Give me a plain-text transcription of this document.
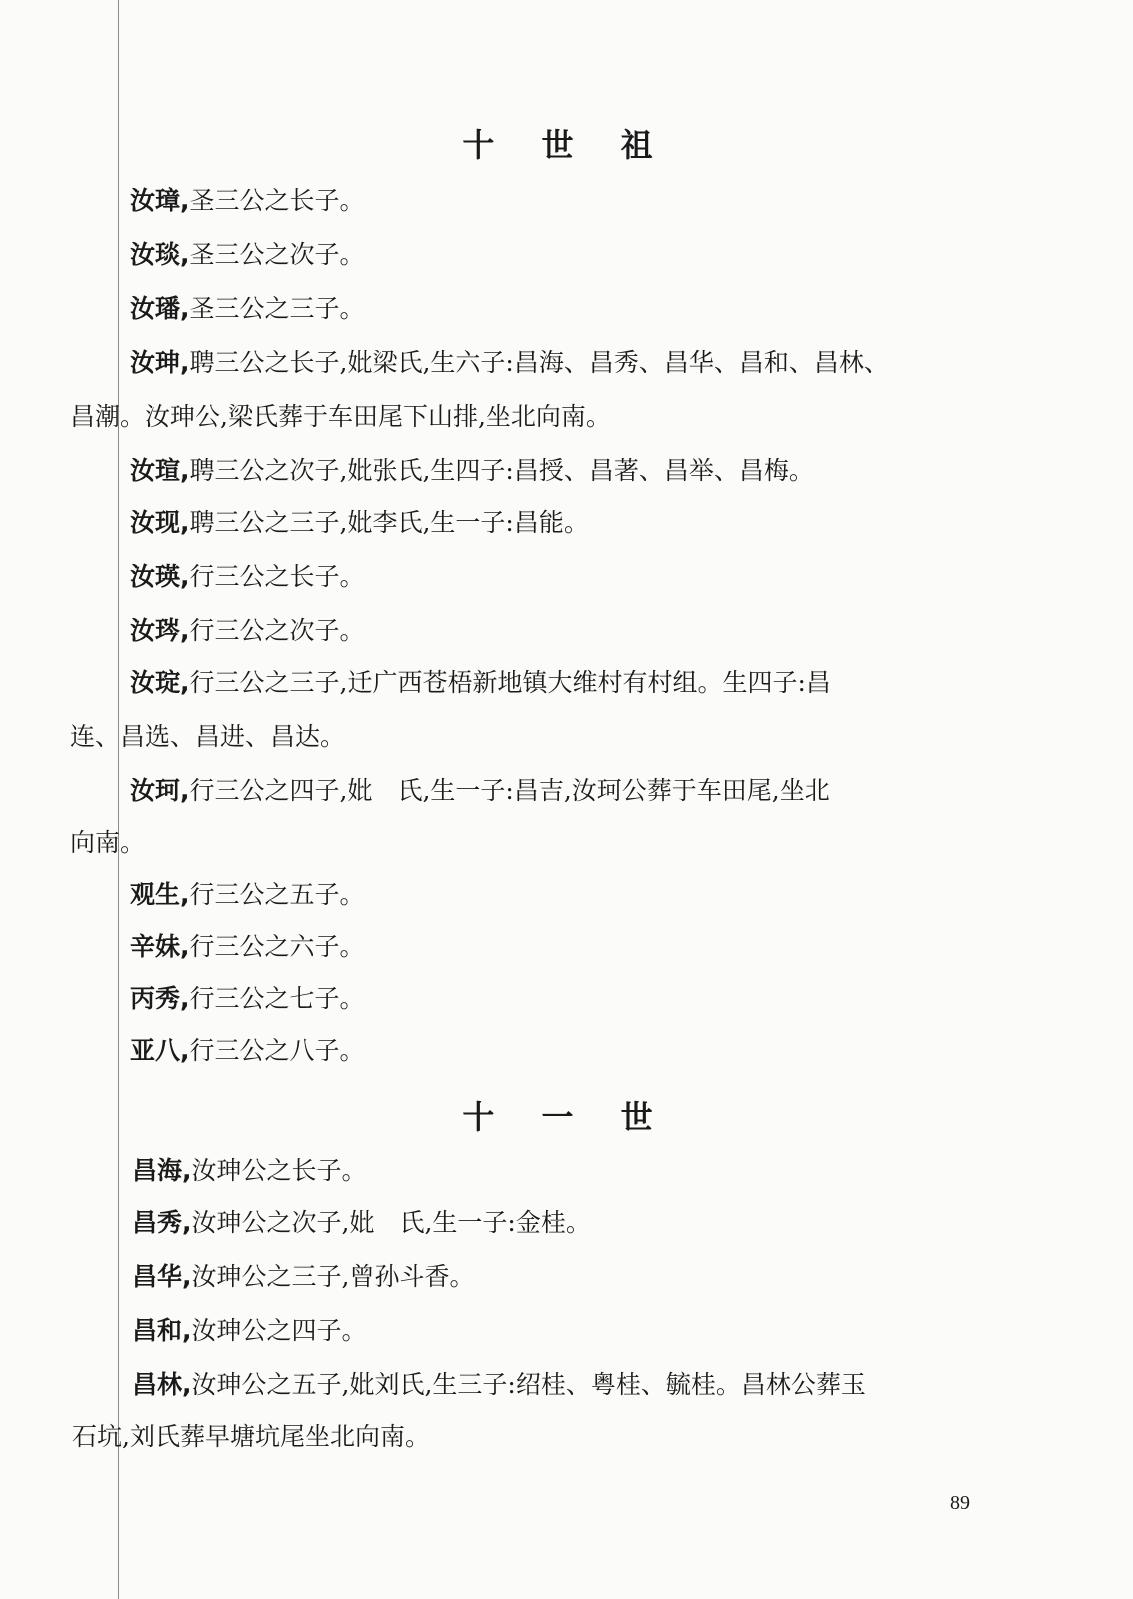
十 世 祖
汝璋,圣三公之长子。
汝琰,圣三公之次子。
汝璠,圣三公之三子。
汝珅,聘三公之长子,妣梁氏,生六子:昌海、昌秀、昌华、昌和、昌林、
昌潮。汝珅公,梁氏葬于车田尾下山排,坐北向南。
汝瑄,聘三公之次子,妣张氏,生四子:昌授、昌著、昌举、昌梅。
汝现,聘三公之三子,妣李氏,生一子:昌能。
汝瑛,行三公之长子。
汝琌,行三公之次子。
汝琔,行三公之三子,迁广西苍梧新地镇大维村有村组。生四子:昌
连、昌选、昌进、昌达。
汝珂,行三公之四子,妣　氏,生一子:昌吉,汝珂公葬于车田尾,坐北
向南。
观生,行三公之五子。
辛妹,行三公之六子。
丙秀,行三公之七子。
亚八,行三公之八子。
十 一 世
昌海,汝珅公之长子。
昌秀,汝珅公之次子,妣　氏,生一子:金桂。
昌华,汝珅公之三子,曾孙斗香。
昌和,汝珅公之四子。
昌林,汝珅公之五子,妣刘氏,生三子:绍桂、粤桂、毓桂。昌林公葬玉
石坑,刘氏葬早塘坑尾坐北向南。
89
